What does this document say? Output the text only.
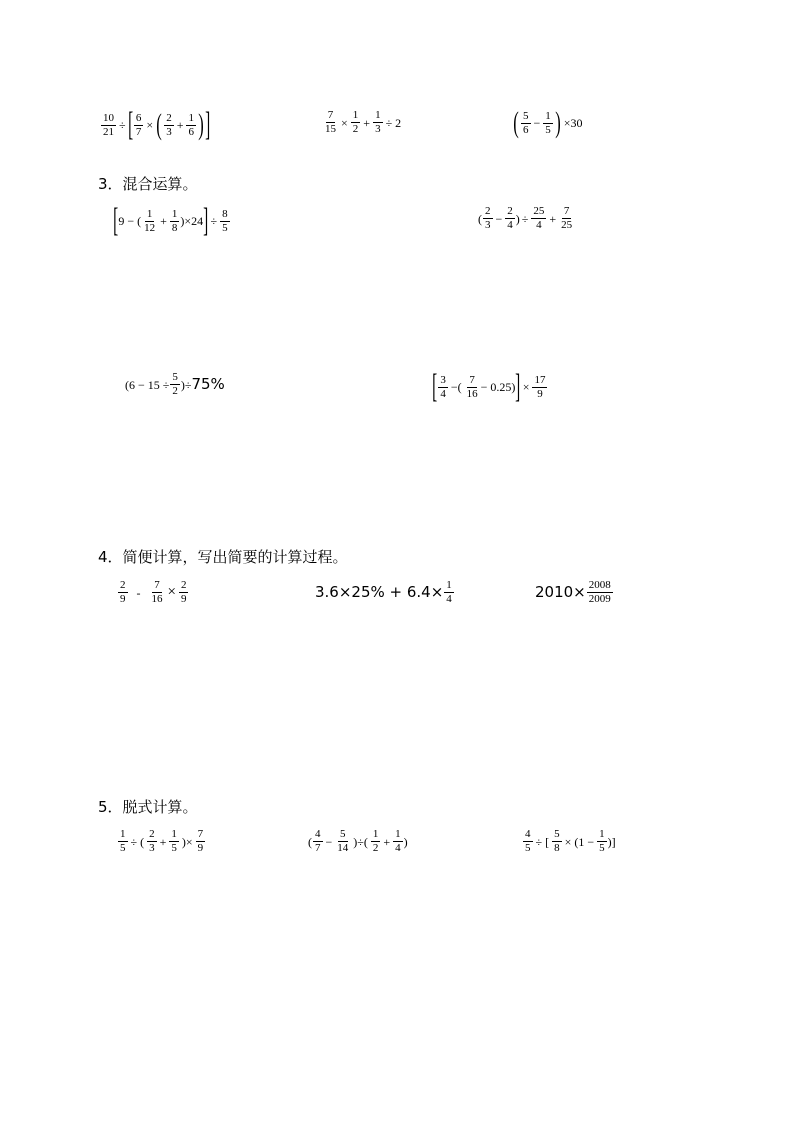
$\frac{10}{21}$ ÷ [ $\frac{6}{7}$ × ( $\frac{2}{3} + \frac{1}{6}$ ) ]	$\frac{7}{15} \times \frac{1}{2} + \frac{1}{3} \div 2$	( $\frac{5}{6} - \frac{1}{5}$ ) ×30
3．混合运算。
[ 9 − ( $\frac{1}{12} + \frac{1}{8} )\times 24$ ] ÷ $\frac{8}{5}$	( $\frac{2}{3} - \frac{2}{4}$ ) ÷ $\frac{25}{4} + \frac{7}{25}$
($6 - 15 \div \frac{5}{2}$ )÷ 75%	[ $\frac{3}{4}$ −( $\frac{7}{16} - 0.25$) ] × $\frac{17}{9}$
4．简便计算，写出简要的计算过程。
$\frac{2}{9} - \frac{7}{16} \times \frac{2}{9}$	$3.6\times 25\% + 6.4\times \frac{1}{4}$	$2010\times \frac{2008}{2009}$
5．脱式计算。
$\frac{1}{5}$ ÷ ( $\frac{2}{3} + \frac{1}{5}$ )× $\frac{7}{9}$	( $\frac{4}{7} - \frac{5}{14}$ )÷( $\frac{1}{2} + \frac{1}{4}$ )	$\frac{4}{5}$ ÷ [ $\frac{5}{8} \times (1 - \frac{1}{5}$ )]
